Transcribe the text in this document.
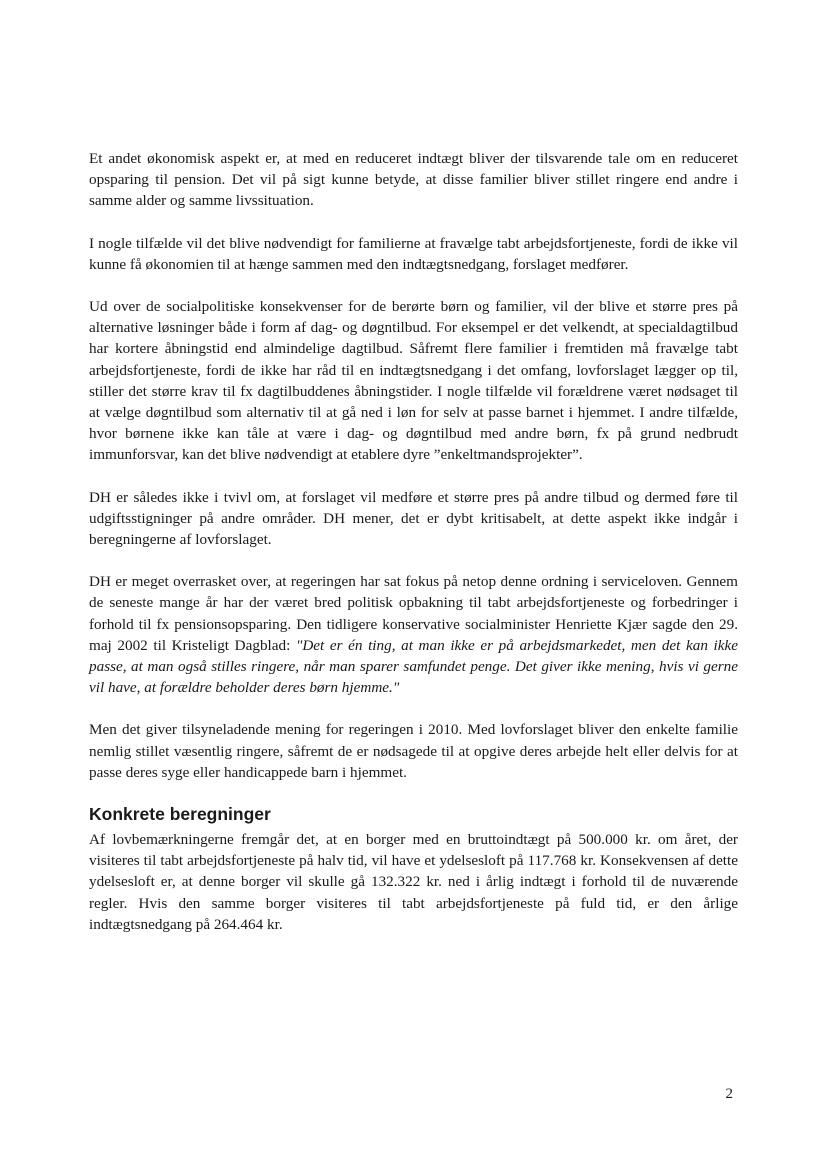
Et andet økonomisk aspekt er, at med en reduceret indtægt bliver der tilsvarende tale om en reduceret opsparing til pension. Det vil på sigt kunne betyde, at disse familier bliver stillet ringere end andre i samme alder og samme livssituation.

I nogle tilfælde vil det blive nødvendigt for familierne at fravælge tabt arbejdsfortjeneste, fordi de ikke vil kunne få økonomien til at hænge sammen med den indtægtsnedgang, forslaget medfører.

Ud over de socialpolitiske konsekvenser for de berørte børn og familier, vil der blive et større pres på alternative løsninger både i form af dag- og døgntilbud. For eksempel er det velkendt, at specialdagtilbud har kortere åbningstid end almindelige dagtilbud. Såfremt flere familier i fremtiden må fravælge tabt arbejdsfortjeneste, fordi de ikke har råd til en indtægtsnedgang i det omfang, lovforslaget lægger op til, stiller det større krav til fx dagtilbuddenes åbningstider. I nogle tilfælde vil forældrene været nødsaget til at vælge døgntilbud som alternativ til at gå ned i løn for selv at passe barnet i hjemmet. I andre tilfælde, hvor børnene ikke kan tåle at være i dag- og døgntilbud med andre børn, fx på grund nedbrudt immunforsvar, kan det blive nødvendigt at etablere dyre ”enkeltmandsprojekter”.

DH er således ikke i tvivl om, at forslaget vil medføre et større pres på andre tilbud og dermed føre til udgiftsstigninger på andre områder. DH mener, det er dybt kritisabelt, at dette aspekt ikke indgår i beregningerne af lovforslaget.

DH er meget overrasket over, at regeringen har sat fokus på netop denne ordning i serviceloven. Gennem de seneste mange år har der været bred politisk opbakning til tabt arbejdsfortjeneste og forbedringer i forhold til fx pensionsopsparing. Den tidligere konservative socialminister Henriette Kjær sagde den 29. maj 2002 til Kristeligt Dagblad: "Det er én ting, at man ikke er på arbejdsmarkedet, men det kan ikke passe, at man også stilles ringere, når man sparer samfundet penge. Det giver ikke mening, hvis vi gerne vil have, at forældre beholder deres børn hjemme."

Men det giver tilsyneladende mening for regeringen i 2010. Med lovforslaget bliver den enkelte familie nemlig stillet væsentlig ringere, såfremt de er nødsagede til at opgive deres arbejde helt eller delvis for at passe deres syge eller handicappede barn i hjemmet.

Konkrete beregninger

Af lovbemærkningerne fremgår det, at en borger med en bruttoindtægt på 500.000 kr. om året, der visiteres til tabt arbejdsfortjeneste på halv tid, vil have et ydelsesloft på 117.768 kr. Konsekvensen af dette ydelsesloft er, at denne borger vil skulle gå 132.322 kr. ned i årlig indtægt i forhold til de nuværende regler. Hvis den samme borger visiteres til tabt arbejdsfortjeneste på fuld tid, er den årlige indtægtsnedgang på 264.464 kr.

2
